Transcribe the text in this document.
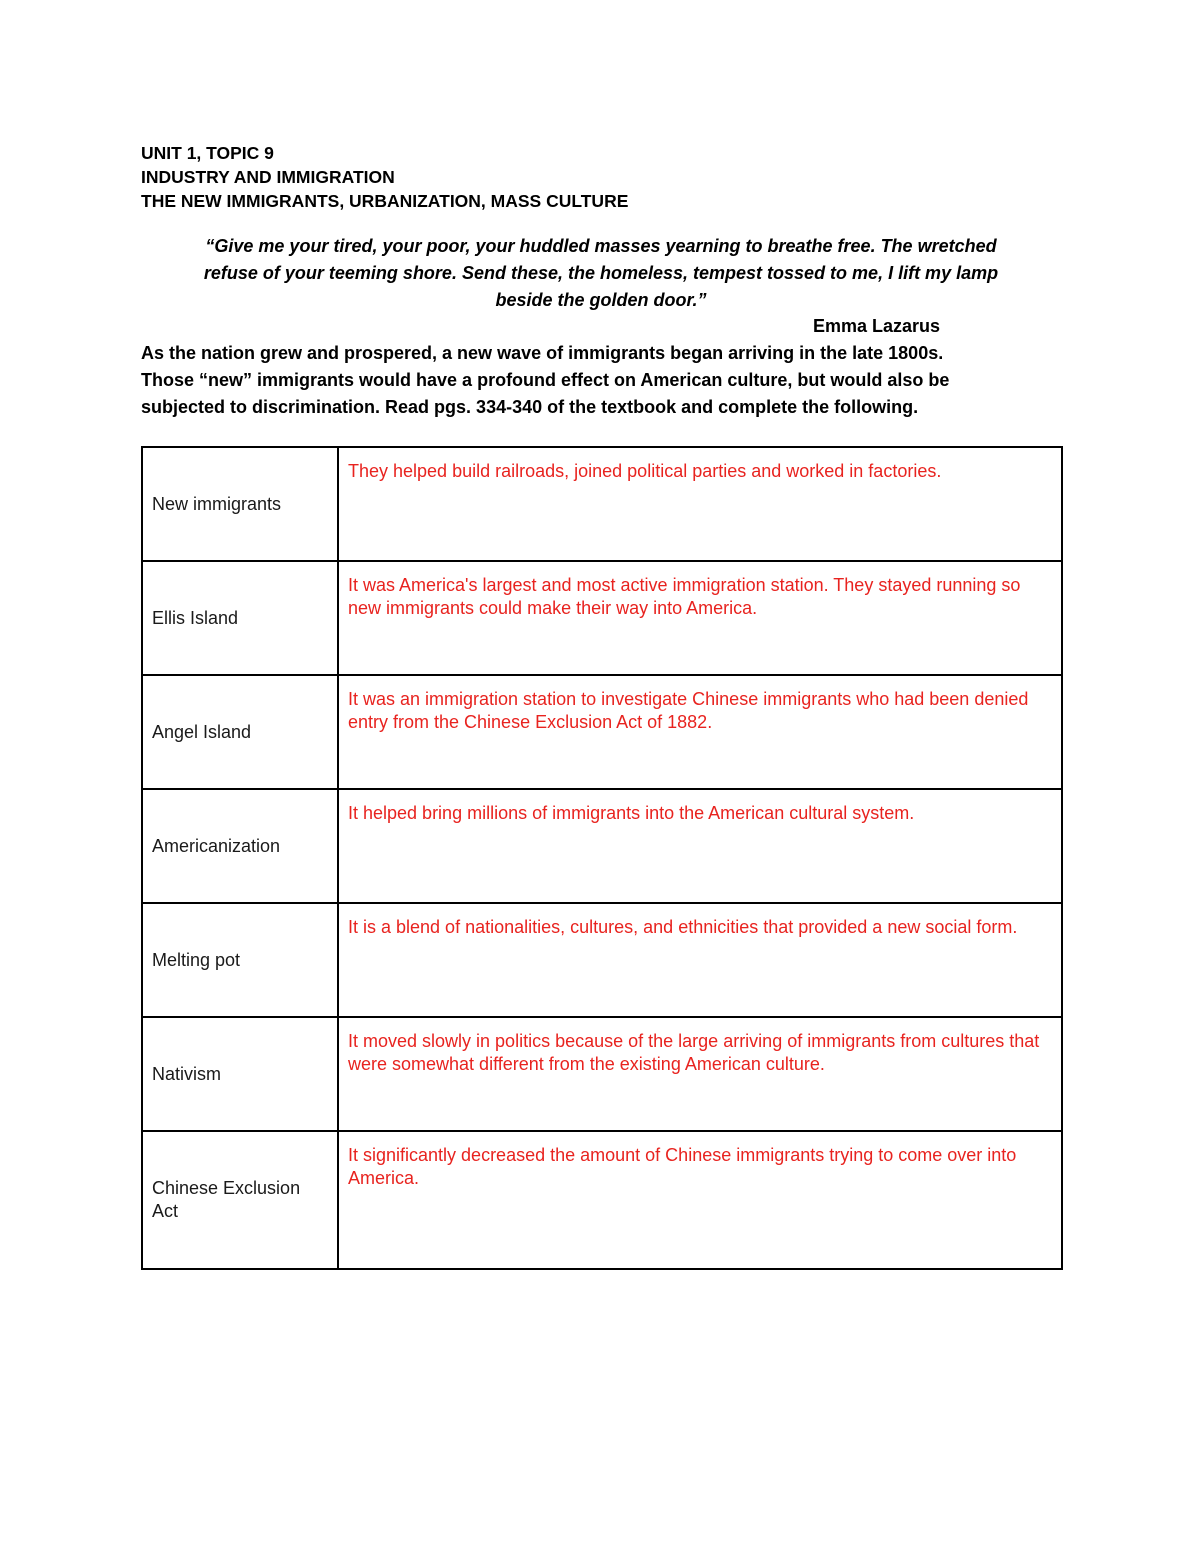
UNIT 1, TOPIC 9
INDUSTRY AND IMMIGRATION
THE NEW IMMIGRANTS, URBANIZATION, MASS CULTURE
“Give me your tired, your poor, your huddled masses yearning to breathe free. The wretched
refuse of your teeming shore. Send these, the homeless, tempest tossed to me, I lift my lamp
beside the golden door.”
Emma Lazarus
As the nation grew and prospered, a new wave of immigrants began arriving in the late 1800s.
Those “new” immigrants would have a profound effect on American culture, but would also be
subjected to discrimination. Read pgs. 334-340 of the textbook and complete the following.
New immigrants	They helped build railroads, joined political parties and worked in factories.

Ellis Island	It was America's largest and most active immigration station. They stayed running so new immigrants could make their way into America.

Angel Island	It was an immigration station to investigate Chinese immigrants who had been denied entry from the Chinese Exclusion Act of 1882.

Americanization	It helped bring millions of immigrants into the American cultural system.

Melting pot	It is a blend of nationalities, cultures, and ethnicities that provided a new social form.

Nativism	It moved slowly in politics because of the large arriving of immigrants from cultures that were somewhat different from the existing American culture.

Chinese Exclusion Act	It significantly decreased the amount of Chinese immigrants trying to come over into America.
